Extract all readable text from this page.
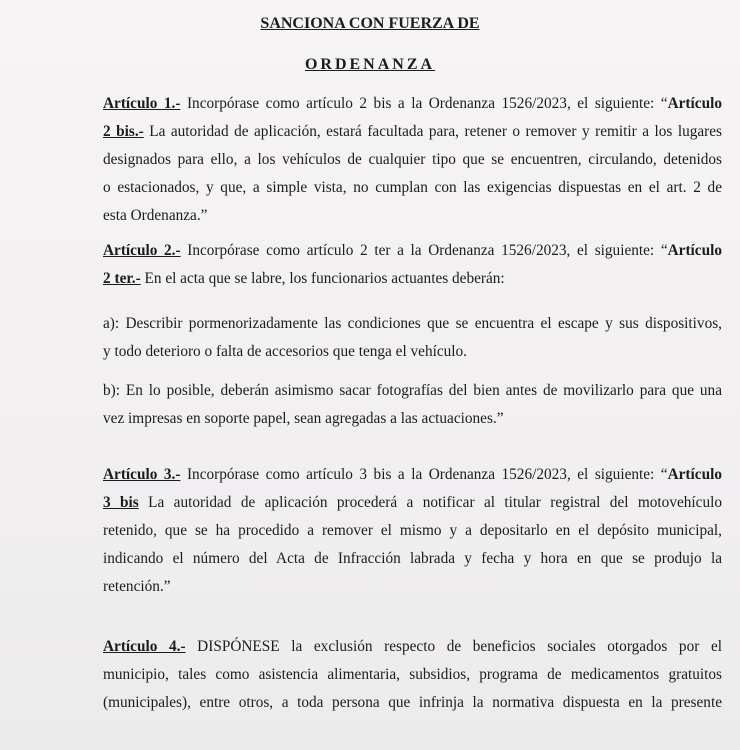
SANCIONA CON FUERZA DE
ORDENANZA
Artículo 1.- Incorpórase como artículo 2 bis a la Ordenanza 1526/2023, el siguiente: “Artículo
2 bis.- La autoridad de aplicación, estará facultada para, retener o remover y remitir a los lugares
designados para ello, a los vehículos de cualquier tipo que se encuentren, circulando, detenidos
o estacionados, y que, a simple vista, no cumplan con las exigencias dispuestas en el art. 2 de
esta Ordenanza.”
Artículo 2.- Incorpórase como artículo 2 ter a la Ordenanza 1526/2023, el siguiente: “Artículo
2 ter.- En el acta que se labre, los funcionarios actuantes deberán:
a): Describir pormenorizadamente las condiciones que se encuentra el escape y sus dispositivos,
y todo deterioro o falta de accesorios que tenga el vehículo.
b): En lo posible, deberán asimismo sacar fotografías del bien antes de movilizarlo para que una
vez impresas en soporte papel, sean agregadas a las actuaciones.”
Artículo 3.- Incorpórase como artículo 3 bis a la Ordenanza 1526/2023, el siguiente: “Artículo
3 bis La autoridad de aplicación procederá a notificar al titular registral del motovehículo
retenido, que se ha procedido a remover el mismo y a depositarlo en el depósito municipal,
indicando el número del Acta de Infracción labrada y fecha y hora en que se produjo la
retención.”
Artículo 4.- DISPÓNESE la exclusión respecto de beneficios sociales otorgados por el
municipio, tales como asistencia alimentaria, subsidios, programa de medicamentos gratuitos
(municipales), entre otros, a toda persona que infrinja la normativa dispuesta en la presente
